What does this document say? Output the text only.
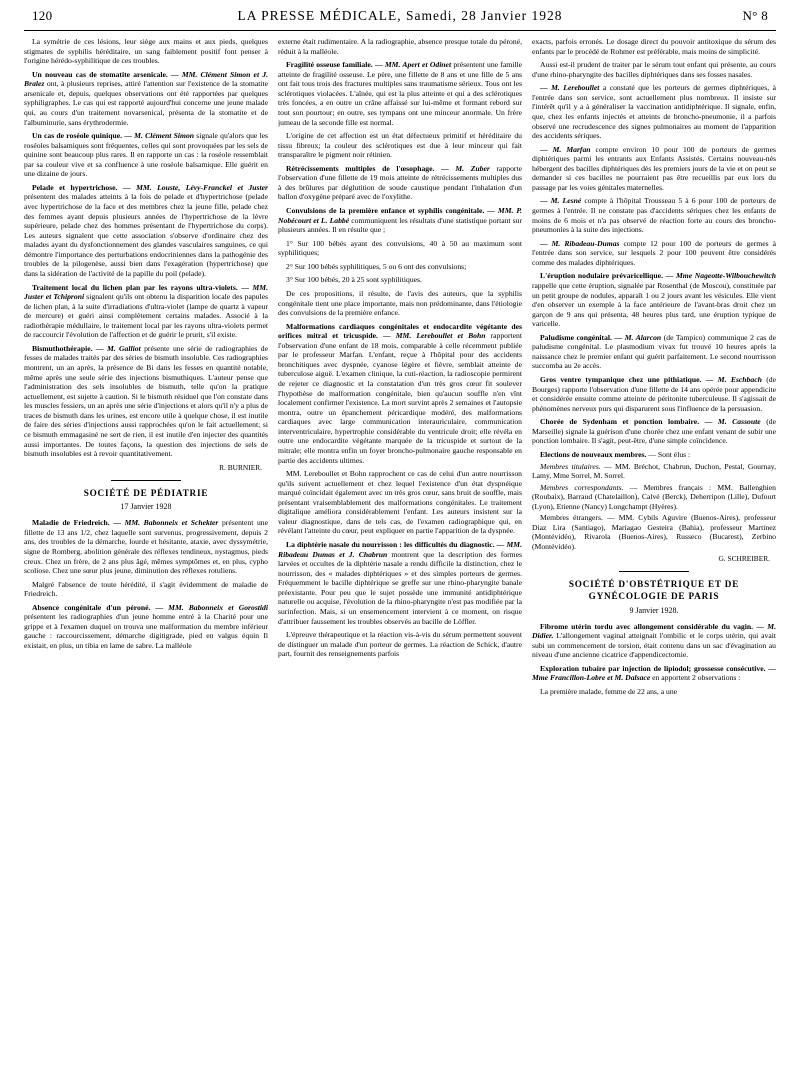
120	LA PRESSE MÉDICALE, Samedi, 28 Janvier 1928	N° 8

La symétrie de ces lésions, leur siège aux mains et aux pieds, quelques stigmates de syphilis héréditaire, un sang faiblement positif font penser à l'origine hérédo-syphilitique de ces troubles.

Un nouveau cas de stomatite arsenicale. — MM. Clément Simon et J. Bralez ont, à plusieurs reprises, attiré l'attention sur l'existence de la stomatite arsenicale et, depuis, quelques observations ont été rapportées par quelques syphiligraphes. Le cas qui est rapporté aujourd'hui concerne une jeune malade qui, au cours d'un traitement novarsenical, présenta de la stomatite et de l'albuminurie, sans érythrodermie.

Un cas de roséole quinique. — M. Clément Simon signale qu'alors que les roséoles balsamiques sont fréquentes, celles qui sont provoquées par les sels de quinine sont beaucoup plus rares. Il en rapporte un cas : la roséole ressemblait par sa couleur vive et sa confluence à une roséole balsamique. Elle guérit en une dizaine de jours.

Pelade et hypertrichose. — MM. Louste, Lévy-Franckel et Juster présentent des malades atteints à la fois de pelade et d'hypertrichose (pelade avec hypertrichose de la face et des membres chez la jeune fille, pelade chez des femmes ayant depuis plusieurs années de l'hypertrichose de la lèvre supérieure, pelade chez des hommes présentant de l'hypertrichose du corps). Les auteurs signalent que cette association s'observe d'ordinaire chez des malades ayant du dysfonctionnement des glandes vasculaires sanguines, ce qui démontre l'importance des perturbations endocriniennes dans la pathogénie des troubles de la pilogenèse, aussi bien dans l'exagération (hypertrichose) que dans la sidération de l'activité de la papille du poil (pelade).

Traitement local du lichen plan par les rayons ultra-violets. — MM. Juster et Tchiproni signalent qu'ils ont obtenu la disparition locale des papules de lichen plan, à la suite d'irradiations d'ultra-violet (lampe de quartz à vapeur de mercure) et guéri ainsi complètement certains malades. Associé à la radiothérapie médullaire, le traitement local par les rayons ultra-violets permet de raccourcir l'évolution de l'affection et de guérir le prurit, s'il existe.

Bismuthothérapie. — M. Galliot présente une série de radiographies de fesses de malades traités par des séries de bismuth insoluble. Ces radiographies montrent, un an après, la présence de Bi dans les fesses en quantité notable, même après une seule série des injections bismuthiques. L'auteur pense que l'administration des sels insolubles de bismuth, telle qu'on la pratique actuellement, est sujette à caution. Si le bismuth résiduel que l'on constate dans les muscles fessiers, un an après une série d'injections et alors qu'il n'y a plus de traces de bismuth dans les urines, est encore utile à quelque chose, il est inutile de faire des séries d'injections aussi rapprochées qu'on le fait actuellement; si ce bismuth emmagasiné ne sert de rien, il est inutile d'en injecter des quantités aussi importantes. De toutes façons, la question des injections de sels de bismuth insolubles est à revoir quantitativement.

R. BURNIER.
SOCIÉTÉ DE PÉDIATRIE
17 Janvier 1928

Maladie de Friedreich. — MM. Babonneix et Schekter présentent une fillette de 13 ans 1/2, chez laquelle sont survenus, progressivement, depuis 2 ans, des troubles de la démarche, lourde et hésitante, ataxie, avec dyssymétrie, signe de Romberg, abolition générale des réflexes tendineux, nystagmus, pieds creux. Chez un frère, de 2 ans plus âgé, mêmes symptômes et, en plus, cypho scoliose. Chez une sœur plus jeune, diminution des réflexes rotuliens.

Malgré l'absence de toute hérédité, il s'agit évidemment de maladie de Friedreich.

Absence congénitale d'un péroné. — MM. Babonneix et Gorostidi présentent les radiographies d'un jeune homme entré à la Charité pour une grippe et à l'examen duquel on trouva une malformation du membre inférieur gauche : raccourcissement, démarche digitigrade, pied en valgus équin Il existait, en plus, un tibia en lame de sabre. La malléole

externe était rudimentaire. A la radiographie, absence presque totale du péroné, réduit à la malléole.

Fragilité osseuse familiale. — MM. Apert et Odinet présentent une famille atteinte de fragilité osseuse. Le père, une fillette de 8 ans et une fille de 5 ans ont fait tous trois des fractures multiples sans traumatisme sérieux. Tous ont les sclérotiques violacées. L'aînée, qui est la plus atteinte et qui a des sclérotiques très foncées, a en outre un crâne affaissé sur lui-même et formant rebord sur tout son pourtour; en outre, ses tympans ont une minceur anormale. Un frère jumeau de la seconde fille est normal.

L'origine de cet affection est un état défectueux primitif et héréditaire du tissu fibreux; la couleur des sclérotiques est due à leur minceur qui fait transparaître le pigment noir rétinien.

Rétrécissements multiples de l'œsophage. — M. Zuber rapporte l'observation d'une fillette de 19 mois atteinte de rétrécissements multiples dus à des brûlures par déglutition de soude caustique pendant l'inhalation d'un ballon d'oxygène préparé avec de l'oxylithe.

Convulsions de la première enfance et syphilis congénitale. — MM. P. Nobécourt et L. Labbé communiquent les résultats d'une statistique portant sur plusieurs années. Il en résulte que ;

1° Sur 100 bébés ayant des convulsions, 40 à 50 au maximum sont syphilitiques;

2° Sur 100 bébés syphilitiques, 5 ou 6 ont des convulsions;

3° Sur 100 bébés, 20 à 25 sont syphilitiques.

De ces propositions, il résulte, de l'avis des auteurs, que la syphilis congénitale tient une place importante, mais non prédominante, dans l'étiologie des convulsions de la première enfance.

Malformations cardiaques congénitales et endocardite végétante des orifices mitral et tricuspide. — MM. Lereboullet et Bohn rapportent l'observation d'une enfant de 18 mois, comparable à celle récemment publiée par le professeur Marfan. L'enfant, reçue à l'hôpital pour des accidents bronchitiques avec dyspnée, cyanose légère et fièvre, semblait atteinte de tuberculose aiguë. L'examen clinique, la cuti-réaction, la radioscopie permirent de rejeter ce diagnostic et la constatation d'un très gros cœur fit soulever l'hypothèse de malformation congénitale, bien qu'aucun souffle n'en vînt localement confirmer l'existence. La mort survint après 2 semaines et l'autopsie montra, outre un épanchement péricardique modéré, des malformations cardiaques avec large communication interauriculaire, communication interventriculaire, hypertrophie considérable du ventricule droit; elle révéla en outre une endocardite végétante marquée de la tricuspide et surtout de la mitrale; elle montra enfin un foyer broncho-pulmonaire gauche responsable en partie des accidents ultimes.

MM. Lereboullet et Bohn rapprochent ce cas de celui d'un autre nourrisson qu'ils suivent actuellement et chez lequel l'existence d'un état dyspnéique marqué coïncidait également avec un très gros cœur, sans bruit de souffle, mais présentant vraisemblablement des malformations congénitales. Le traitement digitalique améliora considérablement l'enfant. Les auteurs insistent sur la valeur diagnostique, dans de tels cas, de l'examen radiographique qui, en révélant l'atteinte du cœur, peut expliquer en partie l'apparition de la dyspnée.

La diphtérie nasale du nourrisson : les difficultés du diagnostic. — MM. Ribadeau Dumas et J. Chabrun montrent que la description des formes larvées et occultes de la diphtérie nasale a rendu difficile la distinction, chez le nourrisson, des « malades diphtériques » et des simples porteurs de germes. Fréquemment le bacille diphtérique se greffe sur une rhino-pharyngite banale préexistante. Pour peu que le sujet possède une immunité antidiphtérique naturelle ou acquise, l'évolution de la rhino-pharyngite n'est pas modifiée par la surinfection. Mais, si un ensemencement intervient à ce moment, on risque d'attribuer faussement les troubles observés au bacille de Löffler.

L'épreuve thérapeutique et la réaction vis-à-vis du sérum permettent souvent de distinguer un malade d'un porteur de germes. La réaction de Schick, d'autre part, fournit des renseignements parfois

exacts, parfois erronés. Le dosage direct du pouvoir antitoxique du sérum des enfants par le procédé de Rohmer est préférable, mais moins de simplicité.

Aussi est-il prudent de traiter par le sérum tout enfant qui présente, au cours d'une rhino-pharyngite des bacilles diphtériques dans ses fosses nasales.

— M. Lereboullet a constaté que les porteurs de germes diphtériques, à l'entrée dans son service, sont actuellement plus nombreux. Il insiste sur l'intérêt qu'il y a à généraliser la vaccination antidiphtérique. Il signale, enfin, que, chez les enfants injectés et atteints de broncho-pneumonie, il a parfois observé une recrudescence des signes pulmonaires au moment de l'apparition des accidents sériques.

— M. Marfan compte environ 10 pour 100 de porteurs de germes diphtériques parmi les entrants aux Enfants Assistés. Certains nouveau-nés hébergent des bacilles diphtériques dès les premiers jours de la vie et on peut se demander si ces bacilles ne pourraient pas être recueillis par eux lors du passage par les voies génitales maternelles.

— M. Lesné compte à l'hôpital Trousseau 5 à 6 pour 100 de porteurs de germes à l'entrée. Il ne constate pas d'accidents sériques chez les enfants de moins de 6 mois et n'a pas observé de réaction forte au cours des broncho-pneumonies à la suite des injections.

— M. Ribadeau-Dumas compte 12 pour 100 de porteurs de germes à l'entrée dans son service, sur lesquels 2 pour 100 peuvent être considérés comme des malades diphtériques.

L'éruption nodulaire prévaricellique. — Mme Nageotte-Wilbouchewitch rappelle que cette éruption, signalée par Rosenthal (de Moscou), constituée par un petit groupe de nodules, apparaît 1 ou 2 jours avant les vésicules. Elle vient d'en observer un exemple à la face antérieure de l'avant-bras droit chez un garçon de 9 ans qui présenta, 48 heures plus tard, une éruption typique de varicelle.

Paludisme congénital. — M. Alarcon (de Tampico) communique 2 cas de paludisme congénital. Le plasmodium vivax fut trouvé 10 heures après la naissance chez le premier enfant qui guérit parfaitement. Le second nourrisson succomba au 2e accès.

Gros ventre tympanique chez une pithiatique. — M. Eschbach (de Bourges) rapporte l'observation d'une fillette de 14 ans opérée pour appendicite et considérée ensuite comme atteinte de péritonite tuberculeuse. Il s'agissait de phénomènes nerveux purs qui disparurent sous l'influence de la persuasion.

Chorée de Sydenham et ponction lombaire. — M. Cassoute (de Marseille) signale la guérison d'une chorée chez une enfant venant de subir une ponction lombaire. Il s'agit, peut-être, d'une simple coïncidence.

Elections de nouveaux membres. — Sont élus :

Membres titulaires. — MM. Bréchot, Chabrun, Duchon, Pestal, Gournay, Lamy, Mme Sorrel, M. Sorrel.

Membres correspondants. — Membres français : MM. Ballenghien (Roubaix), Barraud (Chatelaillon), Calvé (Berck), Deherripon (Lille), Dufourt (Lyon), Etienne (Nancy) Longchampt (Hyères).

Membres étrangers. — MM. Cybils Aguvire (Buenos-Aires), professeur Diaz Lira (Santiago), Mariagao Gesteira (Bahia), professeur Martinez (Montévidéo), Rivarola (Buenos-Aires), Russeco (Bucarest), Zerbino (Montévidéo).

G. SCHREIBER.
SOCIÉTÉ D'OBSTÉTRIQUE ET DE GYNÉCOLOGIE DE PARIS
9 Janvier 1928.

Fibrome utérin tordu avec allongement considérable du vagin. — M. Didier. L'allongement vaginal atteignait l'ombilic et le corps utérin, qui avait subi un commencement de torsion, était contenu dans un sac d'évagination au niveau d'une ancienne cicatrice d'appendicectomie.

Exploration tubaire par injection de lipiodol; grossesse consécutive. — Mme Francillon-Lobre et M. Dalsace en apportent 2 observations :

La première malade, femme de 22 ans, a une
